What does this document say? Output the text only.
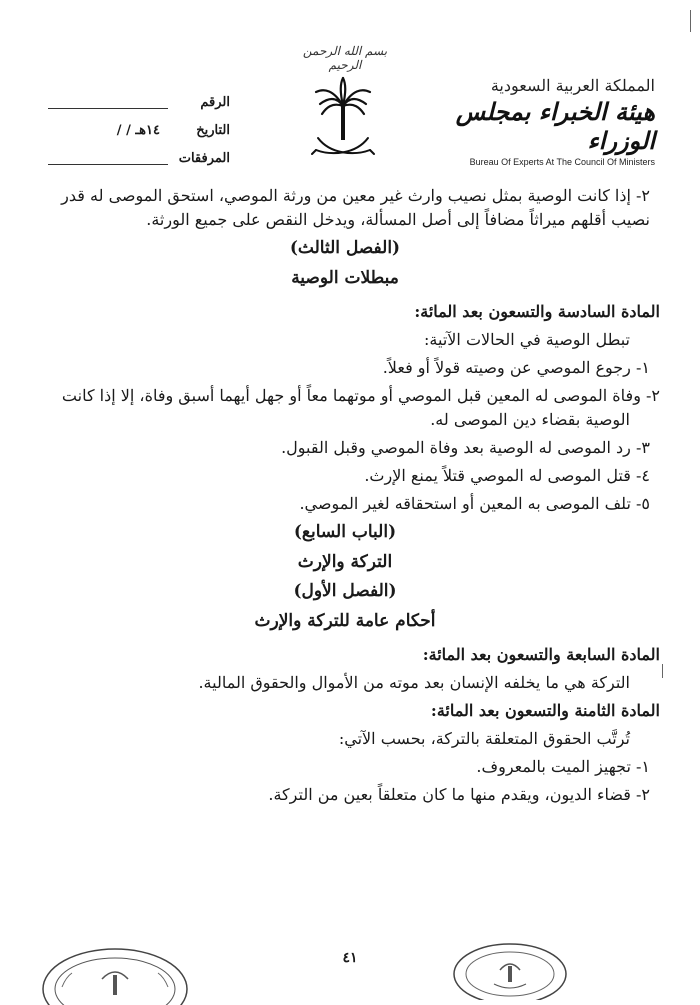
بسم الله الرحمن الرحيم
المملكة العربية السعودية
هيئة الخبراء بمجلس الوزراء
Bureau Of Experts At The Council Of Ministers
الرقم
التاريخ
/ / ١٤هـ
المرفقات

٢- إذا كانت الوصية بمثل نصيب وارث غير معين من ورثة الموصي، استحق الموصى له قدر

نصيب أقلهم ميراثاً مضافاً إلى أصل المسألة، ويدخل النقص على جميع الورثة.

(الفصل الثالث)

مبطلات الوصية

المادة السادسة والتسعون بعد المائة:

تبطل الوصية في الحالات الآتية:

١- رجوع الموصي عن وصيته قولاً أو فعلاً.

٢- وفاة الموصى له المعين قبل الموصي أو موتهما معاً أو جهل أيهما أسبق وفاة، إلا إذا كانت

الوصية بقضاء دين الموصى له.

٣- رد الموصى له الوصية بعد وفاة الموصي وقبل القبول.

٤- قتل الموصى له الموصي قتلاً يمنع الإرث.

٥- تلف الموصى به المعين أو استحقاقه لغير الموصي.

(الباب السابع)

التركة والإرث

(الفصل الأول)

أحكام عامة للتركة والإرث

المادة السابعة والتسعون بعد المائة:

التركة هي ما يخلفه الإنسان بعد موته من الأموال والحقوق المالية.

المادة الثامنة والتسعون بعد المائة:

تُرتَّب الحقوق المتعلقة بالتركة، بحسب الآتي:

١- تجهيز الميت بالمعروف.

٢- قضاء الديون، ويقدم منها ما كان متعلقاً بعين من التركة.

٤١
